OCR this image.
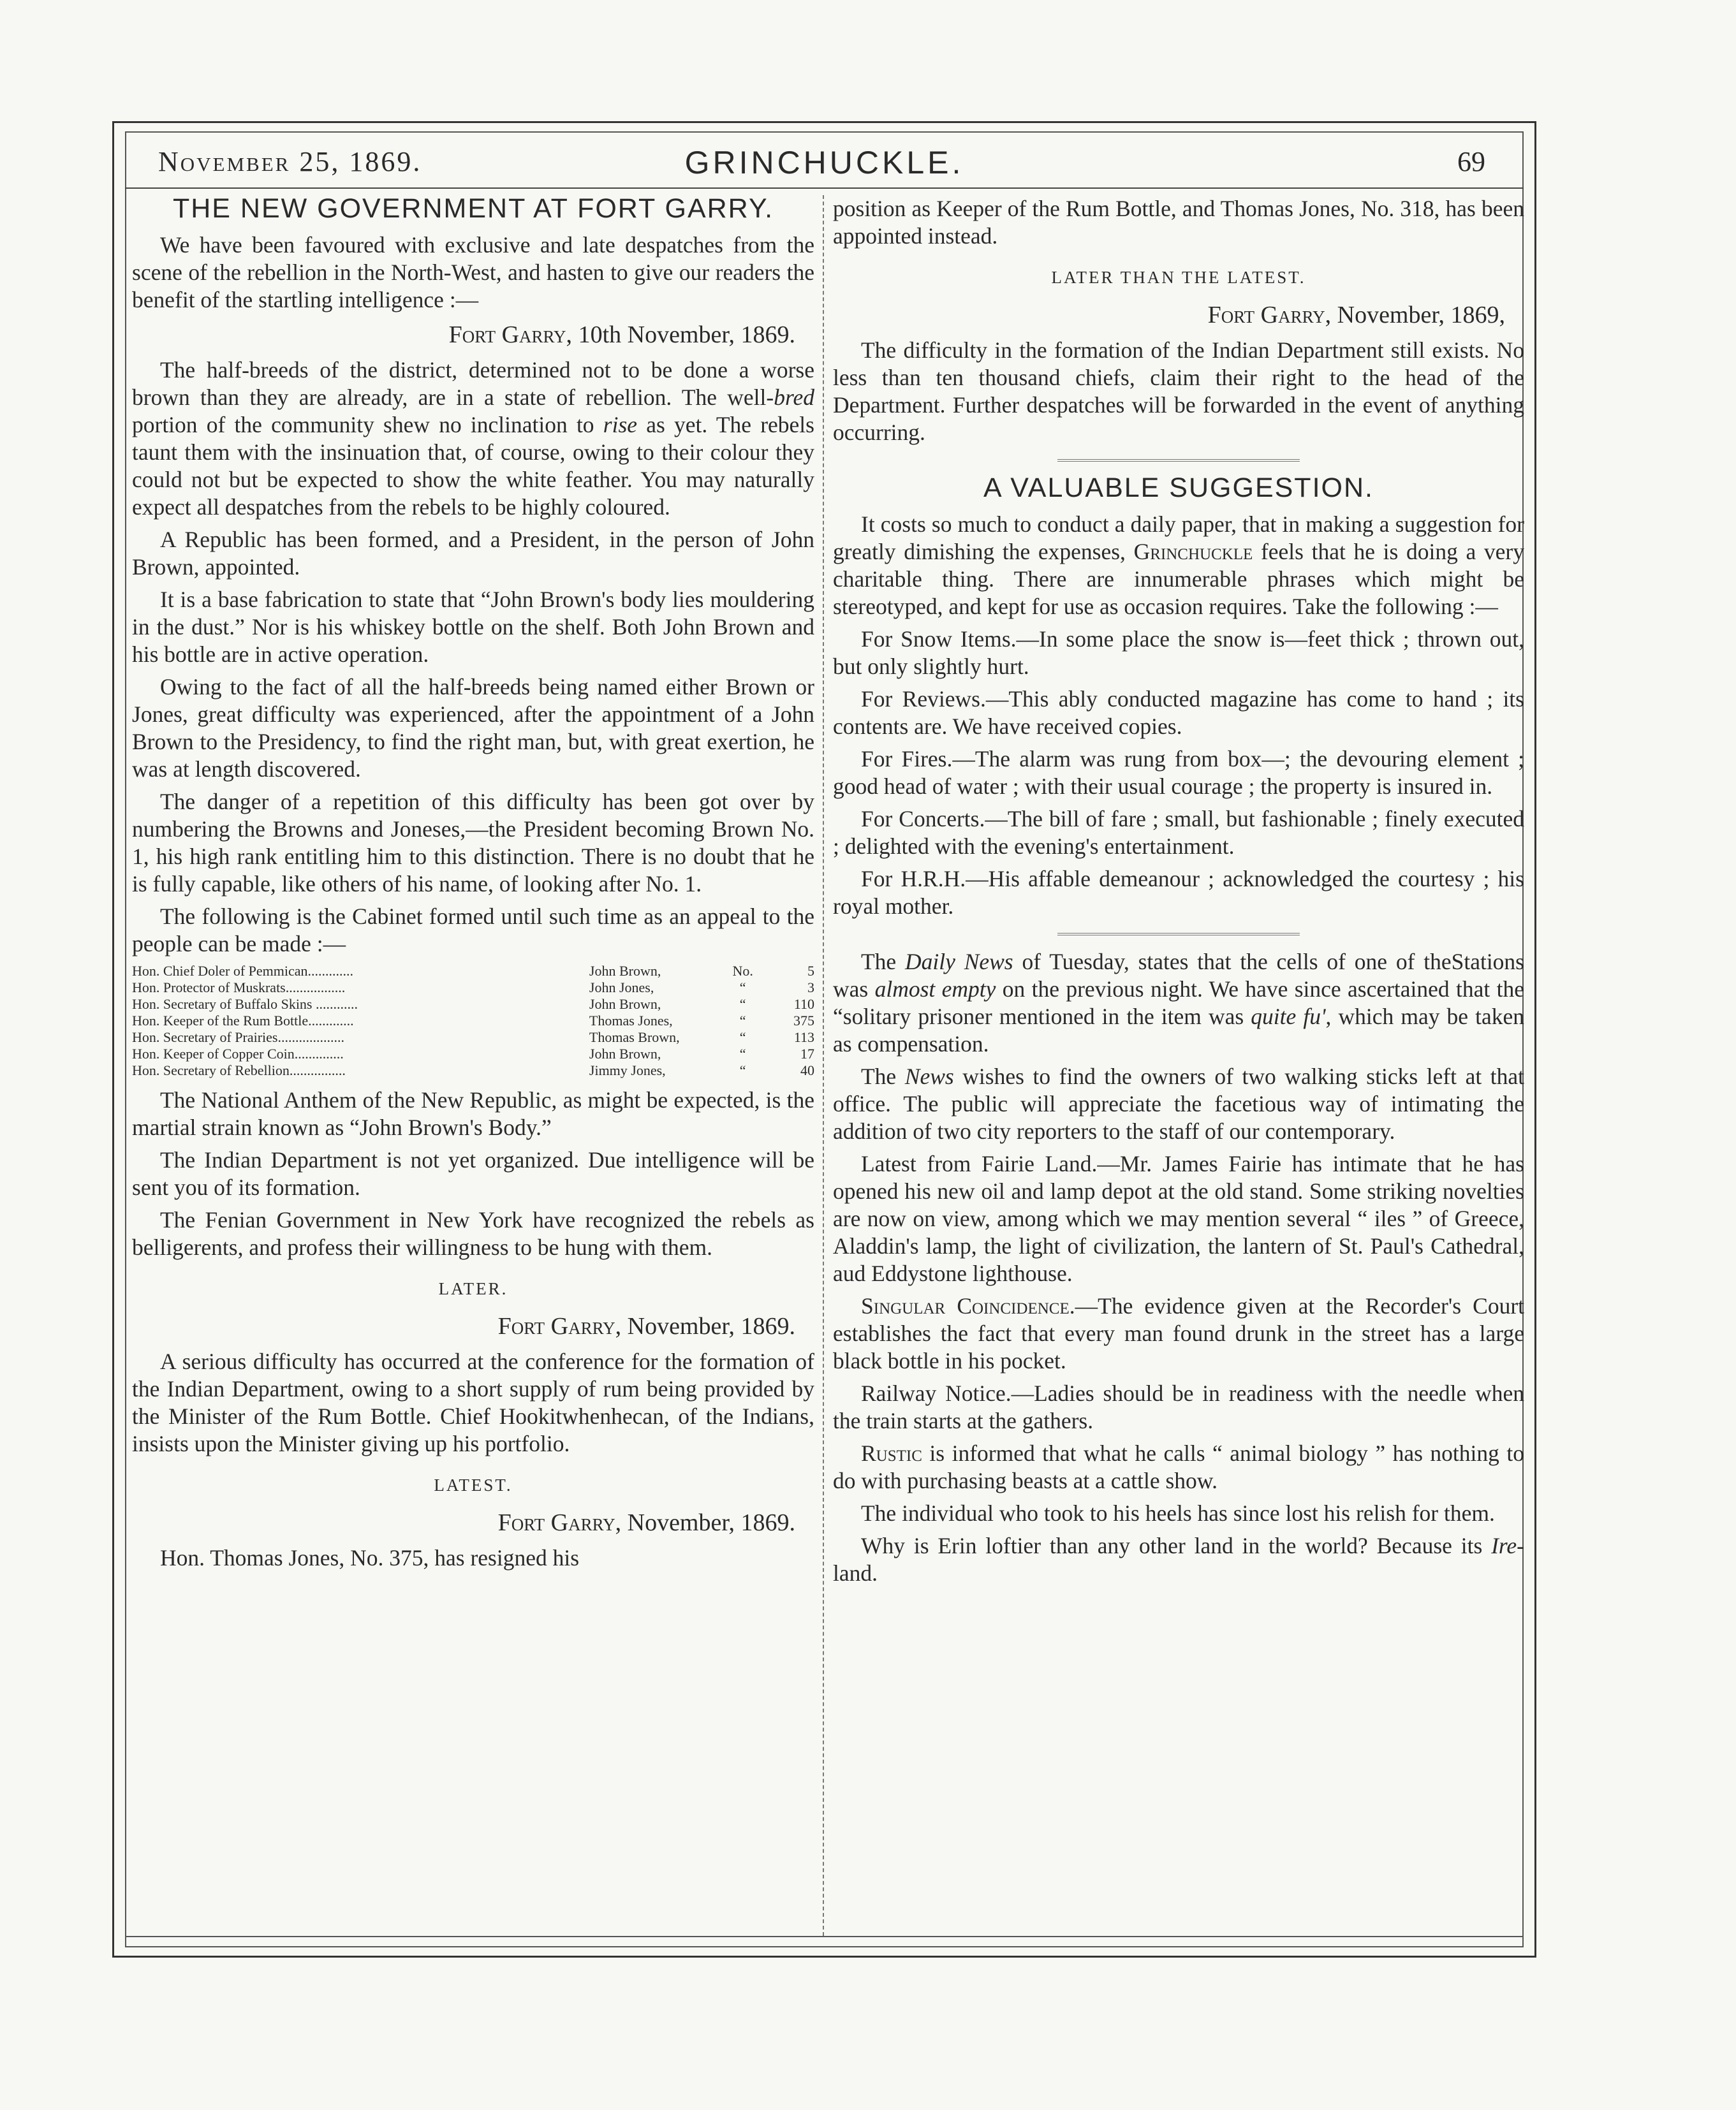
November 25, 1869.	GRINCHUCKLE.	69
THE NEW GOVERNMENT AT FORT GARRY.

We have been favoured with exclusive and late despatches from the scene of the rebellion in the North-West, and hasten to give our readers the benefit of the startling intelligence :—

Fort Garry, 10th November, 1869.

The half-breeds of the district, determined not to be done a worse brown than they are already, are in a state of rebellion. The well-bred portion of the community shew no inclination to rise as yet. The rebels taunt them with the insinuation that, of course, owing to their colour they could not but be expected to show the white feather. You may naturally expect all despatches from the rebels to be highly coloured.

A Republic has been formed, and a President, in the person of John Brown, appointed.

It is a base fabrication to state that “John Brown's body lies mouldering in the dust.” Nor is his whiskey bottle on the shelf. Both John Brown and his bottle are in active operation.

Owing to the fact of all the half-breeds being named either Brown or Jones, great difficulty was experienced, after the appointment of a John Brown to the Presidency, to find the right man, but, with great exertion, he was at length discovered.

The danger of a repetition of this difficulty has been got over by numbering the Browns and Joneses,—the President becoming Brown No. 1, his high rank entitling him to this distinction. There is no doubt that he is fully capable, like others of his name, of looking after No. 1.

The following is the Cabinet formed until such time as an appeal to the people can be made :—

Hon. Chief Doler of Pemmican.............	John Brown,	No.	5
Hon. Protector of Muskrats.................	John Jones,	“	3
Hon. Secretary of Buffalo Skins ............	John Brown,	“	110
Hon. Keeper of the Rum Bottle.............	Thomas Jones,	“	375
Hon. Secretary of Prairies...................	Thomas Brown,	“	113
Hon. Keeper of Copper Coin..............	John Brown,	“	17
Hon. Secretary of Rebellion................	Jimmy Jones,	“	40

The National Anthem of the New Republic, as might be expected, is the martial strain known as “John Brown's Body.”

The Indian Department is not yet organized. Due intelligence will be sent you of its formation.

The Fenian Government in New York have recognized the rebels as belligerents, and profess their willingness to be hung with them.

LATER.
Fort Garry, November, 1869.

A serious difficulty has occurred at the conference for the formation of the Indian Department, owing to a short supply of rum being provided by the Minister of the Rum Bottle. Chief Hookitwhenhecan, of the Indians, insists upon the Minister giving up his portfolio.

LATEST.
Fort Garry, November, 1869.

Hon. Thomas Jones, No. 375, has resigned his

position as Keeper of the Rum Bottle, and Thomas Jones, No. 318, has been appointed instead.

LATER THAN THE LATEST.
Fort Garry, November, 1869,

The difficulty in the formation of the Indian Department still exists. No less than ten thousand chiefs, claim their right to the head of the Department. Further despatches will be forwarded in the event of anything occurring.

A VALUABLE SUGGESTION.

It costs so much to conduct a daily paper, that in making a suggestion for greatly dimishing the expenses, Grinchuckle feels that he is doing a very charitable thing. There are innumerable phrases which might be stereotyped, and kept for use as occasion requires. Take the following :—

For Snow Items.—In some place the snow is—feet thick ; thrown out, but only slightly hurt.

For Reviews.—This ably conducted magazine has come to hand ; its contents are. We have received copies.

For Fires.—The alarm was rung from box—; the devouring element ; good head of water ; with their usual courage ; the property is insured in.

For Concerts.—The bill of fare ; small, but fashionable ; finely executed ; delighted with the evening's entertainment.

For H.R.H.—His affable demeanour ; acknowledged the courtesy ; his royal mother.

The Daily News of Tuesday, states that the cells of one of theStations was almost empty on the previous night. We have since ascertained that the “solitary prisoner mentioned in the item was quite fu', which may be taken as compensation.

The News wishes to find the owners of two walking sticks left at that office. The public will appreciate the facetious way of intimating the addition of two city reporters to the staff of our contemporary.

Latest from Fairie Land.—Mr. James Fairie has intimate that he has opened his new oil and lamp depot at the old stand. Some striking novelties are now on view, among which we may mention several “ iles ” of Greece, Aladdin's lamp, the light of civilization, the lantern of St. Paul's Cathedral, aud Eddystone lighthouse.

Singular Coincidence.—The evidence given at the Recorder's Court establishes the fact that every man found drunk in the street has a large black bottle in his pocket.

Railway Notice.—Ladies should be in readiness with the needle when the train starts at the gathers.

Rustic is informed that what he calls “ animal biology ” has nothing to do with purchasing beasts at a cattle show.

The individual who took to his heels has since lost his relish for them.

Why is Erin loftier than any other land in the world? Because its Ire-land.
